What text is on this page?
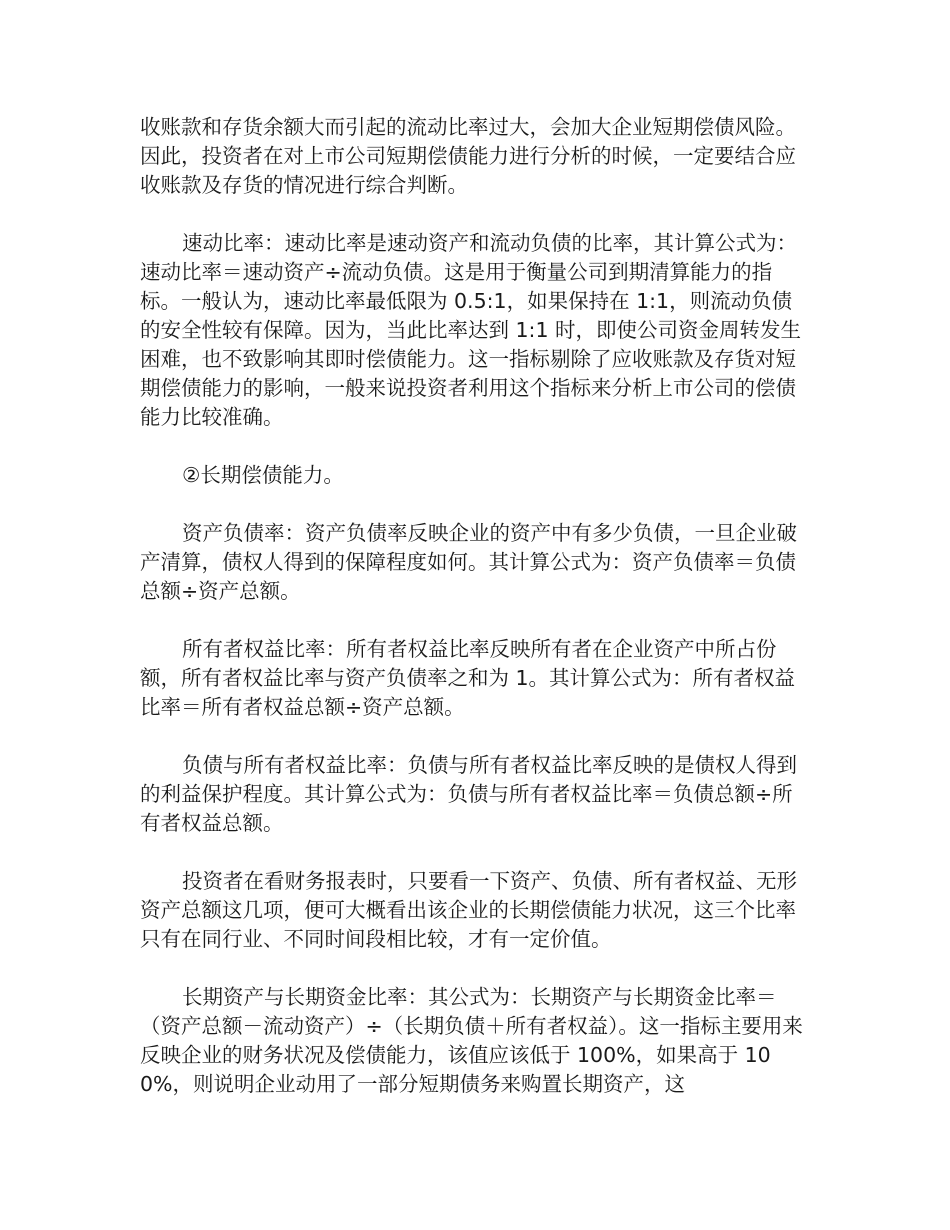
收账款和存货余额大而引起的流动比率过大，会加大企业短期偿债风险。因此，投资者在对上市公司短期偿债能力进行分析的时候，一定要结合应收账款及存货的情况进行综合判断。

速动比率：速动比率是速动资产和流动负债的比率，其计算公式为：速动比率＝速动资产÷流动负债。这是用于衡量公司到期清算能力的指标。一般认为，速动比率最低限为 0.5:1，如果保持在 1:1，则流动负债的安全性较有保障。因为，当此比率达到 1:1 时，即使公司资金周转发生困难，也不致影响其即时偿债能力。这一指标剔除了应收账款及存货对短期偿债能力的影响，一般来说投资者利用这个指标来分析上市公司的偿债能力比较准确。

②长期偿债能力。

资产负债率：资产负债率反映企业的资产中有多少负债，一旦企业破产清算，债权人得到的保障程度如何。其计算公式为：资产负债率＝负债总额÷资产总额。

所有者权益比率：所有者权益比率反映所有者在企业资产中所占份额，所有者权益比率与资产负债率之和为 1。其计算公式为：所有者权益比率＝所有者权益总额÷资产总额。

负债与所有者权益比率：负债与所有者权益比率反映的是债权人得到的利益保护程度。其计算公式为：负债与所有者权益比率＝负债总额÷所有者权益总额。

投资者在看财务报表时，只要看一下资产、负债、所有者权益、无形资产总额这几项，便可大概看出该企业的长期偿债能力状况，这三个比率只有在同行业、不同时间段相比较，才有一定价值。

长期资产与长期资金比率：其公式为：长期资产与长期资金比率＝（资产总额－流动资产）÷（长期负债＋所有者权益）。这一指标主要用来反映企业的财务状况及偿债能力，该值应该低于 100%，如果高于 100%，则说明企业动用了一部分短期债务来购置长期资产，这
